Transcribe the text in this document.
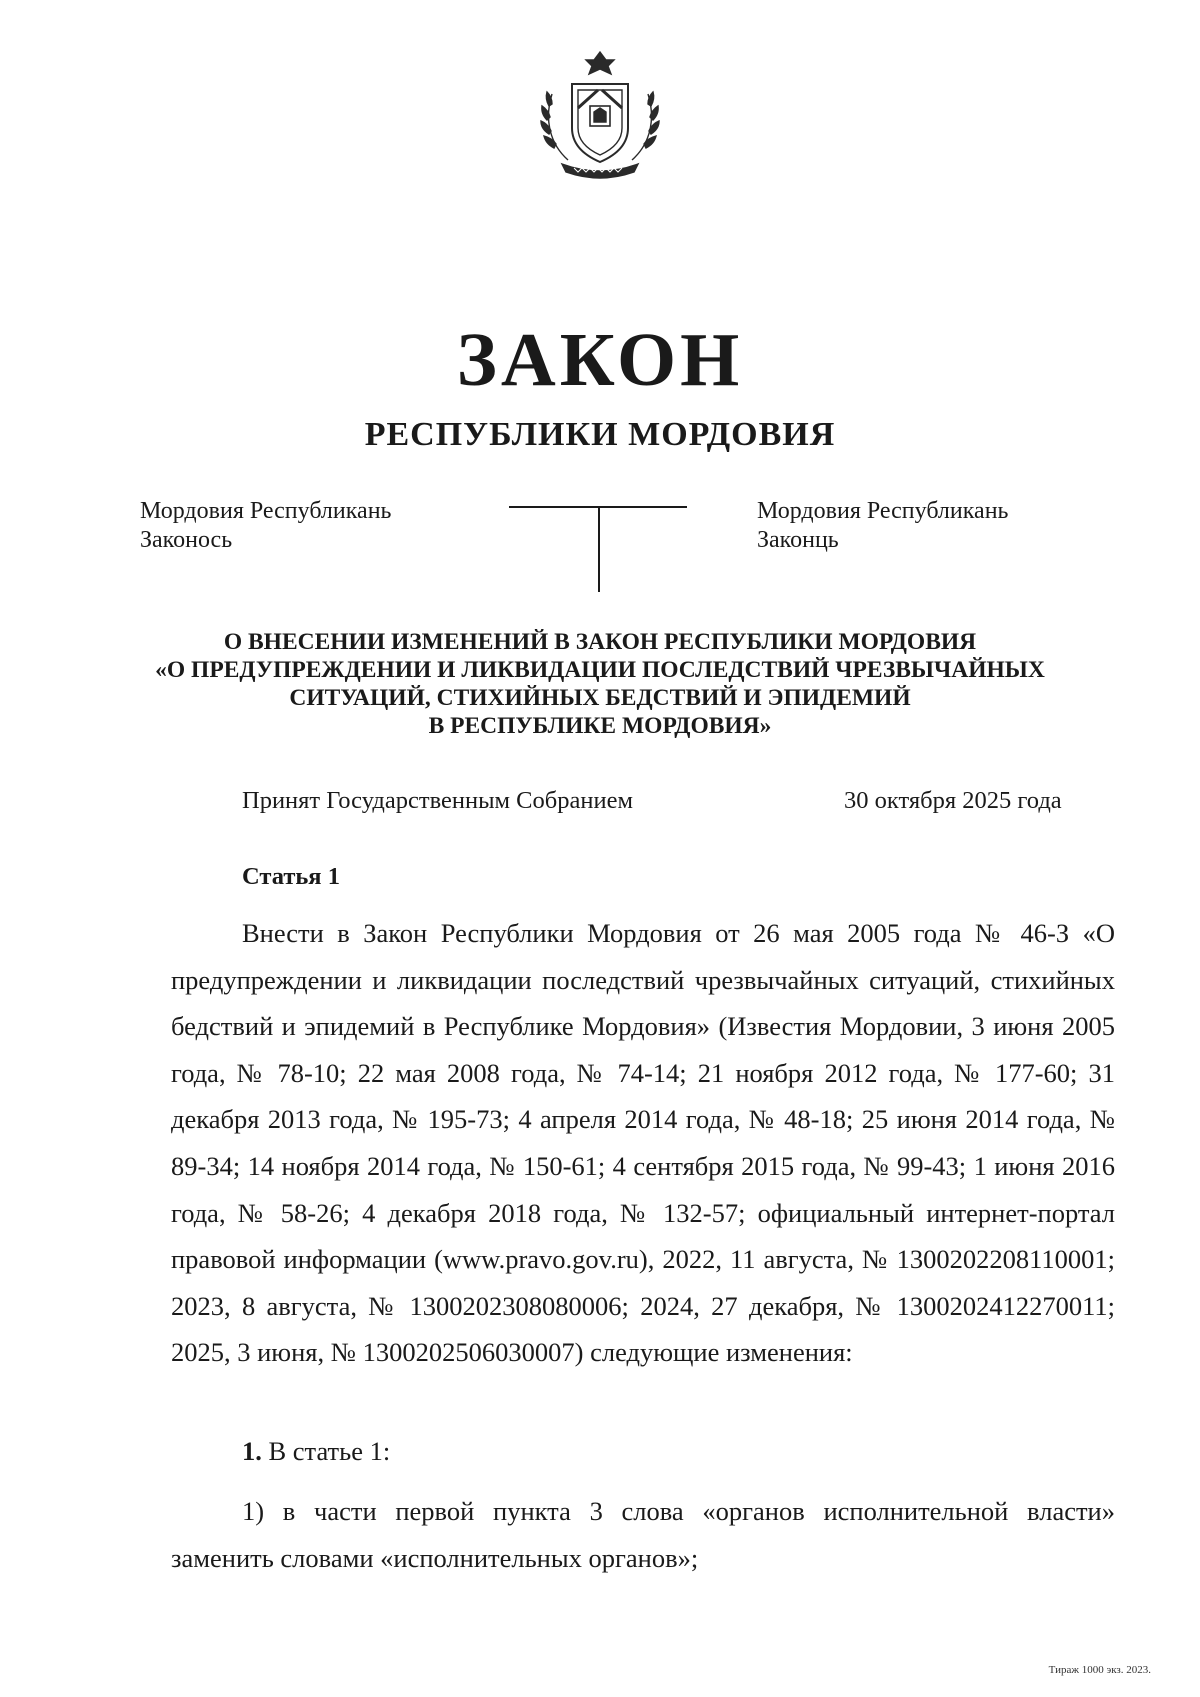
ЗАКОН
РЕСПУБЛИКИ МОРДОВИЯ
Мордовия Республикань
Законось
Мордовия Республикань
Законць
О ВНЕСЕНИИ ИЗМЕНЕНИЙ В ЗАКОН РЕСПУБЛИКИ МОРДОВИЯ
«О ПРЕДУПРЕЖДЕНИИ И ЛИКВИДАЦИИ ПОСЛЕДСТВИЙ ЧРЕЗВЫЧАЙНЫХ
СИТУАЦИЙ, СТИХИЙНЫХ БЕДСТВИЙ И ЭПИДЕМИЙ
В РЕСПУБЛИКЕ МОРДОВИЯ»
Принят Государственным Собранием	30 октября 2025 года
Статья 1
Внести в Закон Республики Мордовия от 26 мая 2005 года № 46-З «О предупреждении и ликвидации последствий чрезвычайных ситуаций, стихийных бедствий и эпидемий в Республике Мордовия» (Известия Мордовии, 3 июня 2005 года, № 78-10; 22 мая 2008 года, № 74-14; 21 ноября 2012 года, № 177-60; 31 декабря 2013 года, № 195-73; 4 апреля 2014 года, № 48-18; 25 июня 2014 года, № 89-34; 14 ноября 2014 года, № 150-61; 4 сентября 2015 года, № 99-43; 1 июня 2016 года, № 58-26; 4 декабря 2018 года, № 132-57; официальный интернет-портал правовой информации (www.pravo.gov.ru), 2022, 11 августа, № 1300202208110001; 2023, 8 августа, № 1300202308080006; 2024, 27 декабря, № 1300202412270011; 2025, 3 июня, № 1300202506030007) следующие изменения:
1. В статье 1:
1) в части первой пункта 3 слова «органов исполнительной власти» заменить словами «исполнительных органов»;
Тираж 1000 экз. 2023.
